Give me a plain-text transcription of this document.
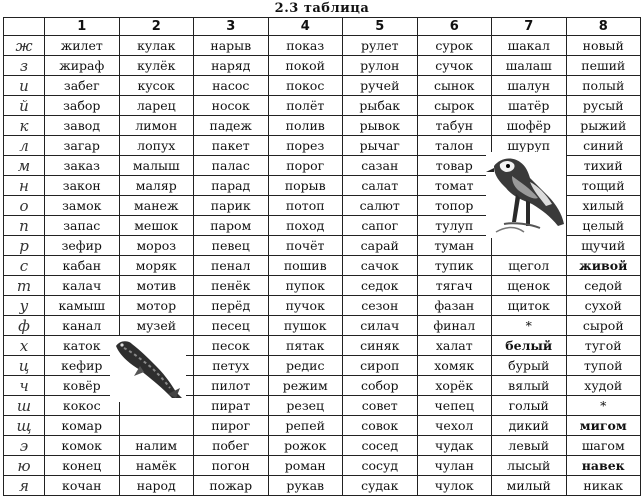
2.3 таблица
	1	2	3	4	5	6	7	8
ж	жилет	кулак	нарыв	показ	рулет	сурок	шакал	новый
з	жираф	кулёк	наряд	покой	рулон	сучок	шалаш	пеший
и	забег	кусок	насос	покос	ручей	сынок	шалун	полый
й	забор	ларец	носок	полёт	рыбак	сырок	шатёр	русый
к	завод	лимон	падеж	полив	рывок	табун	шофёр	рыжий
л	загар	лопух	пакет	порез	рычаг	талон	шуруп	синий
м	заказ	малыш	палас	порог	сазан	товар		тихий
н	закон	маляр	парад	порыв	салат	томат		тощий
о	замок	манеж	парик	потоп	салют	топор		хилый
п	запас	мешок	паром	поход	сапог	тулуп		целый
р	зефир	мороз	певец	почёт	сарай	туман		щучий
с	кабан	моряк	пенал	пошив	сачок	тупик	щегол	живой
т	калач	мотив	пенёк	пупок	седок	тягач	щенок	седой
у	камыш	мотор	перёд	пучок	сезон	фазан	щиток	сухой
ф	канал	музей	песец	пушок	силач	финал	*	сырой
х	каток		песок	пятак	синяк	халат	белый	тугой
ц	кефир		петух	редис	сироп	хомяк	бурый	тупой
ч	ковёр		пилот	режим	собор	хорёк	вялый	худой
ш	кокос		пират	резец	совет	чепец	голый	*
щ	комар		пирог	репей	совок	чехол	дикий	мигом
э	комок	налим	побег	рожок	сосед	чудак	левый	шагом
ю	конец	намёк	погон	роман	сосуд	чулан	лысый	навек
я	кочан	народ	пожар	рукав	судак	чулок	милый	никак
